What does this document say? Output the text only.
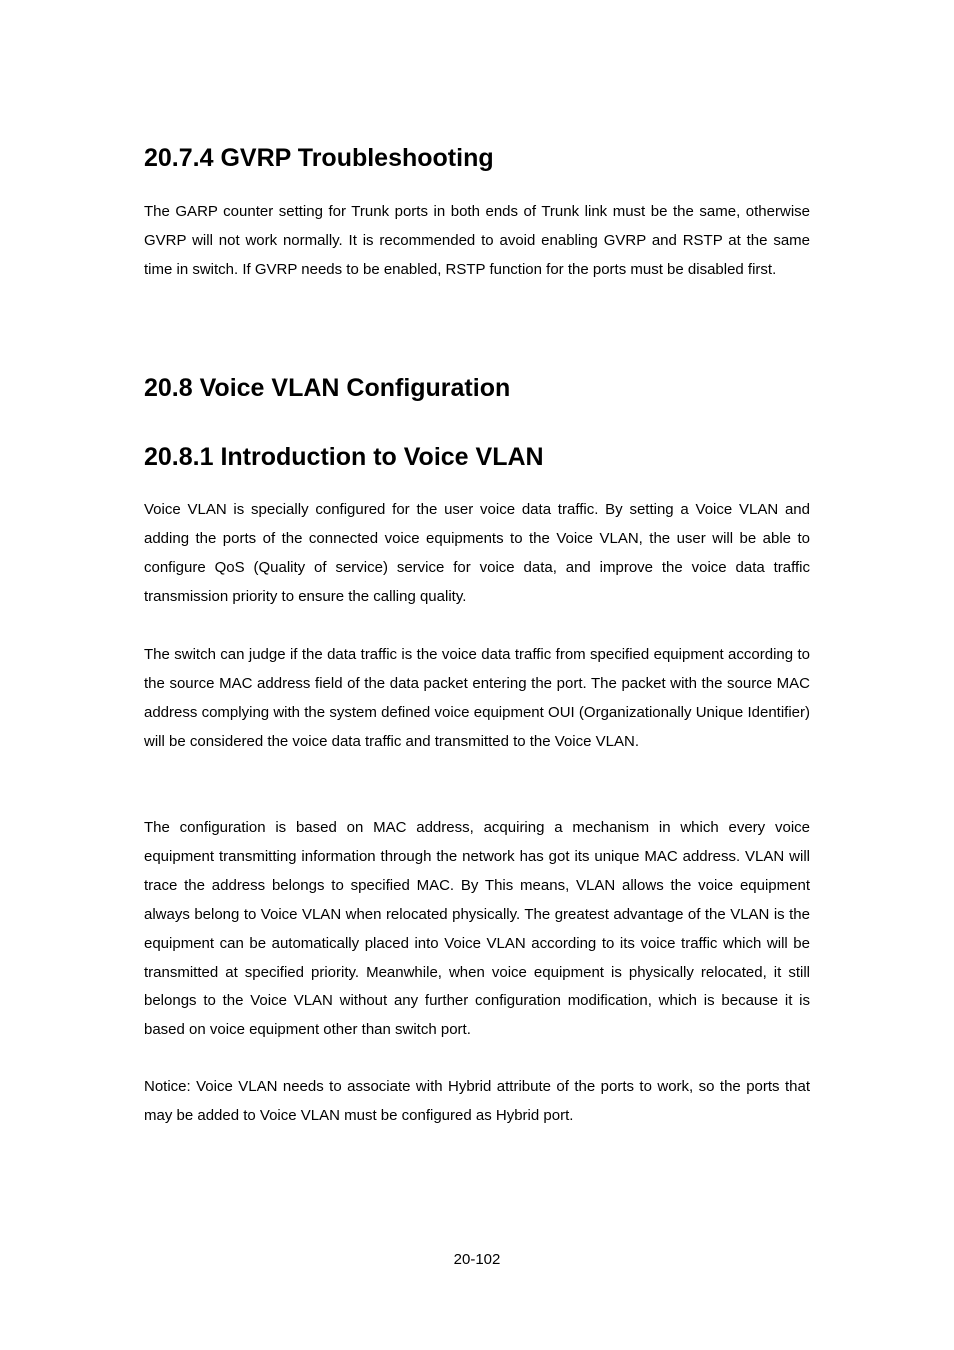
20.7.4 GVRP Troubleshooting

The GARP counter setting for Trunk ports in both ends of Trunk link must be the same, otherwise GVRP will not work normally. It is recommended to avoid enabling GVRP and RSTP at the same time in switch. If GVRP needs to be enabled, RSTP function for the ports must be disabled first.

20.8 Voice VLAN Configuration
20.8.1 Introduction to Voice VLAN

Voice VLAN is specially configured for the user voice data traffic. By setting a Voice VLAN and adding the ports of the connected voice equipments to the Voice VLAN, the user will be able to configure QoS (Quality of service) service for voice data, and improve the voice data traffic transmission priority to ensure the calling quality.

The switch can judge if the data traffic is the voice data traffic from specified equipment according to the source MAC address field of the data packet entering the port. The packet with the source MAC address complying with the system defined voice equipment OUI (Organizationally Unique Identifier) will be considered the voice data traffic and transmitted to the Voice VLAN.

The configuration is based on MAC address, acquiring a mechanism in which every voice equipment transmitting information through the network has got its unique MAC address. VLAN will trace the address belongs to specified MAC. By This means, VLAN allows the voice equipment always belong to Voice VLAN when relocated physically. The greatest advantage of the VLAN is the equipment can be automatically placed into Voice VLAN according to its voice traffic which will be transmitted at specified priority. Meanwhile, when voice equipment is physically relocated, it still belongs to the Voice VLAN without any further configuration modification, which is because it is based on voice equipment other than switch port.

Notice: Voice VLAN needs to associate with Hybrid attribute of the ports to work, so the ports that may be added to Voice VLAN must be configured as Hybrid port.

20-102
